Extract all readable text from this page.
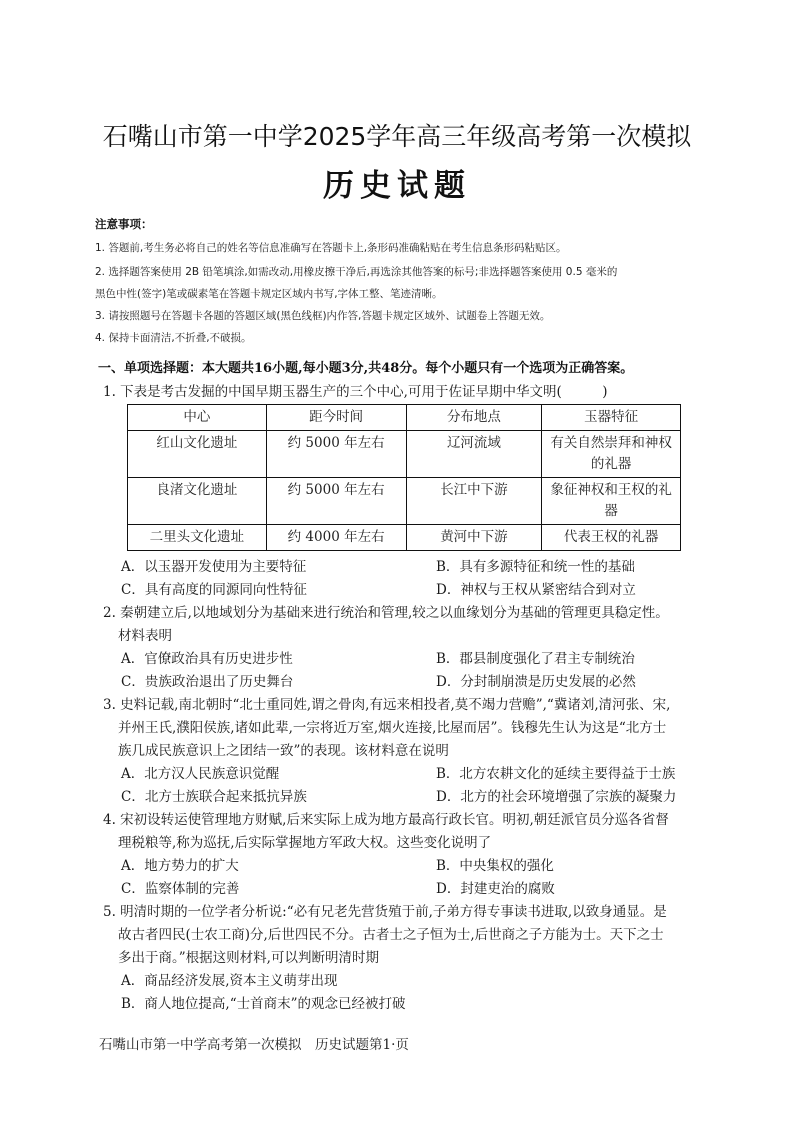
石嘴山市第一中学2025学年高三年级高考第一次模拟
历史试题
注意事项：
1. 答题前,考生务必将自己的姓名等信息准确写在答题卡上,条形码准确粘贴在考生信息条形码粘贴区。
2. 选择题答案使用 2B 铅笔填涂,如需改动,用橡皮擦干净后,再选涂其他答案的标号;非选择题答案使用 0.5 毫米的
黑色中性(签字)笔或碳素笔在答题卡规定区域内书写,字体工整、笔迹清晰。
3. 请按照题号在答题卡各题的答题区域(黑色线框)内作答,答题卡规定区域外、试题卷上答题无效。
4. 保持卡面清洁,不折叠,不破损。
一、单项选择题：本大题共16小题,每小题3分,共48分。每个小题只有一个选项为正确答案。
1. 下表是考古发掘的中国早期玉器生产的三个中心,可用于佐证早期中华文明(　　　)
中心	距今时间	分布地点	玉器特征
红山文化遗址	约 5000 年左右	辽河流域	有关自然崇拜和神权
的礼器

良渚文化遗址	约 5000 年左右	长江中下游	象征神权和王权的礼
器

二里头文化遗址	约 4000 年左右	黄河中下游	代表王权的礼器
A．以玉器开发使用为主要特征	B．具有多源特征和统一性的基础
C．具有高度的同源同向性特征	D．神权与王权从紧密结合到对立
2. 秦朝建立后,以地域划分为基础来进行统治和管理,较之以血缘划分为基础的管理更具稳定性。
材料表明
A．官僚政治具有历史进步性	B．郡县制度强化了君主专制统治
C．贵族政治退出了历史舞台	D．分封制崩溃是历史发展的必然
3. 史料记载,南北朝时“北士重同姓,谓之骨肉,有远来相投者,莫不竭力营赡”,“冀诸刘,清河张、宋,
并州王氏,濮阳侯族,诸如此辈,一宗将近万室,烟火连接,比屋而居”。钱穆先生认为这是“北方士
族几成民族意识上之团结一致”的表现。该材料意在说明
A．北方汉人民族意识觉醒	B．北方农耕文化的延续主要得益于士族
C．北方士族联合起来抵抗异族	D．北方的社会环境增强了宗族的凝聚力
4. 宋初设转运使管理地方财赋,后来实际上成为地方最高行政长官。明初,朝廷派官员分巡各省督
理税粮等,称为巡抚,后实际掌握地方军政大权。这些变化说明了
A．地方势力的扩大	B．中央集权的强化
C．监察体制的完善	D．封建吏治的腐败
5. 明清时期的一位学者分析说:“必有兄老先营货殖于前,子弟方得专事读书进取,以致身通显。是
故古者四民(士农工商)分,后世四民不分。古者士之子恒为士,后世商之子方能为士。天下之士
多出于商。”根据这则材料,可以判断明清时期
A．商品经济发展,资本主义萌芽出现
B．商人地位提高,“士首商末”的观念已经被打破
石嘴山市第一中学高考第一次模拟　历史试题第1·页
